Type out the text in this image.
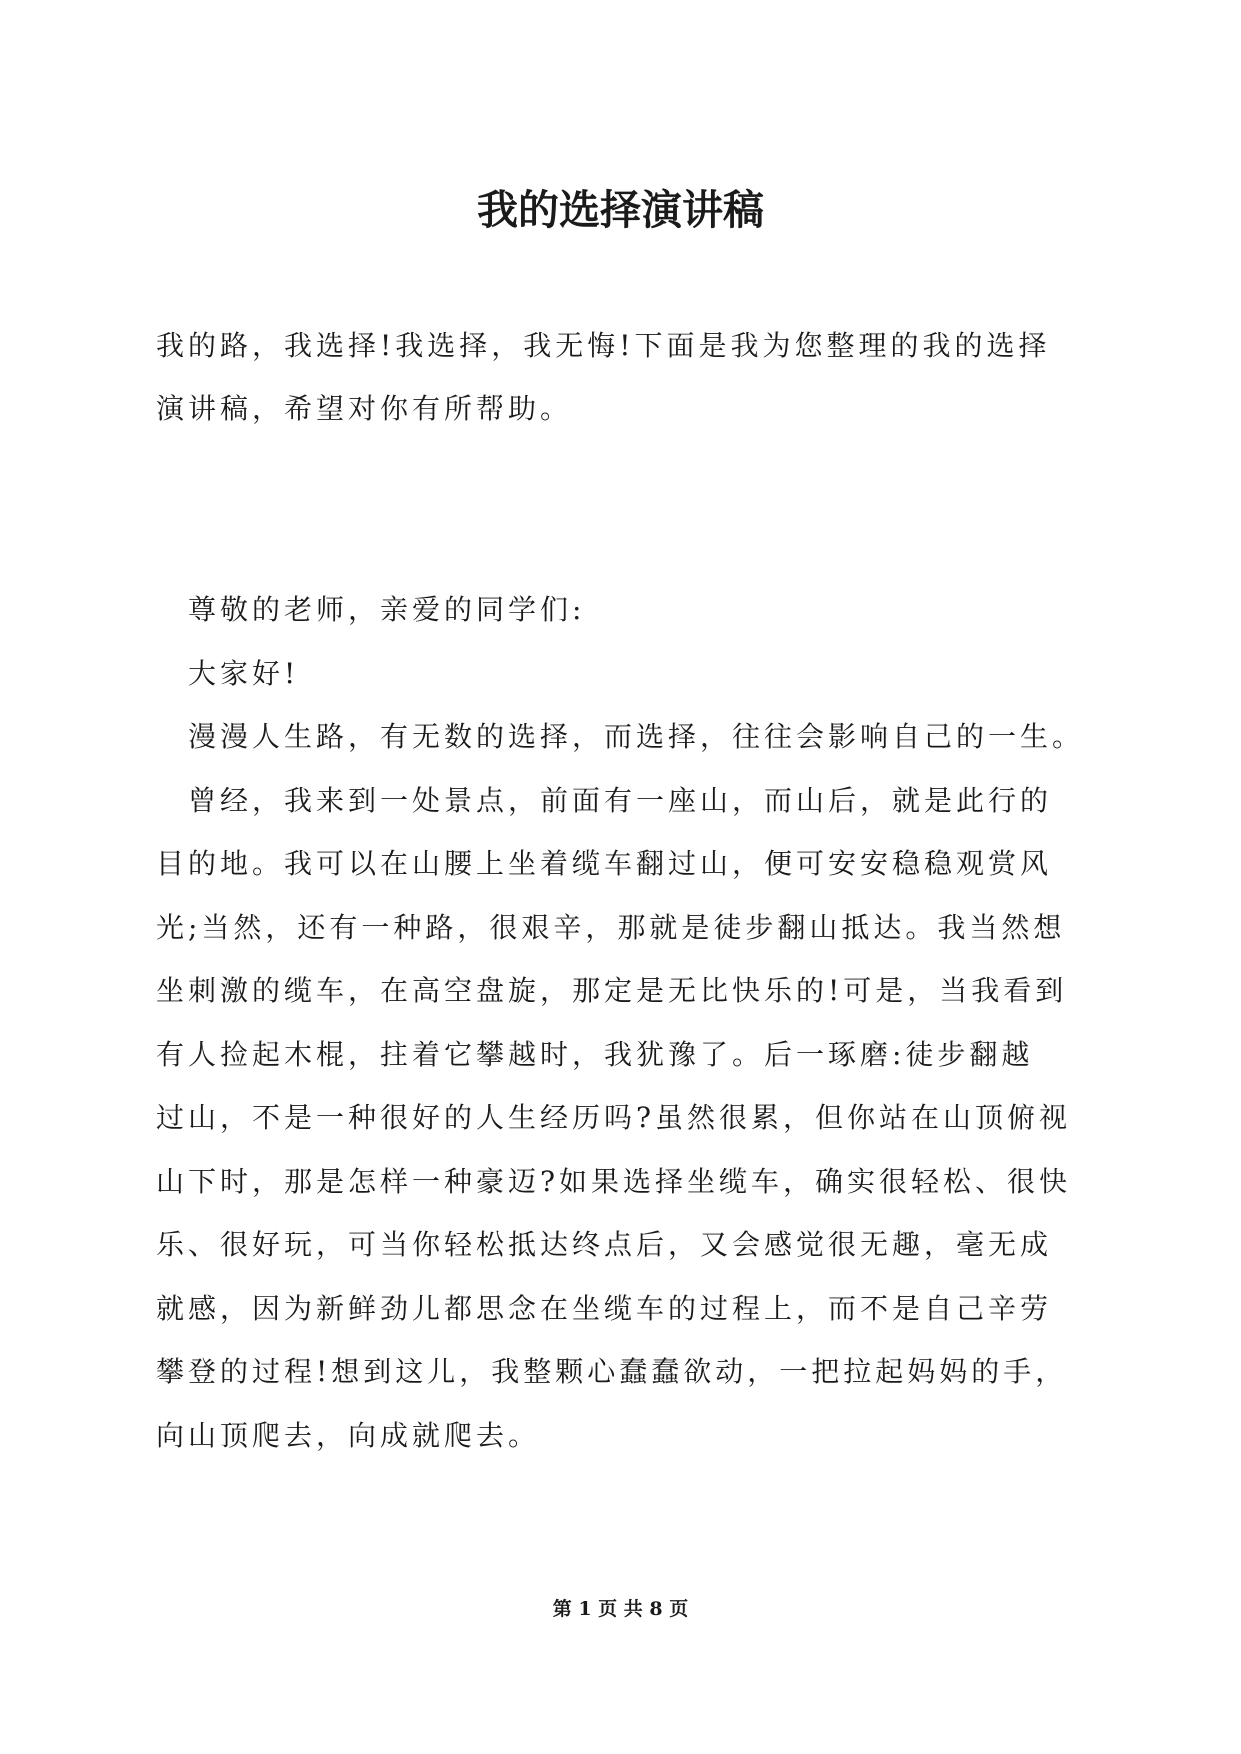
我的选择演讲稿

我的路，我选择!我选择，我无悔!下面是我为您整理的我的选择
演讲稿，希望对你有所帮助。

尊敬的老师，亲爱的同学们:
大家好!
漫漫人生路，有无数的选择，而选择，往往会影响自己的一生。
曾经，我来到一处景点，前面有一座山，而山后，就是此行的
目的地。我可以在山腰上坐着缆车翻过山，便可安安稳稳观赏风
光;当然，还有一种路，很艰辛，那就是徒步翻山抵达。我当然想
坐刺激的缆车，在高空盘旋，那定是无比快乐的!可是，当我看到
有人捡起木棍，拄着它攀越时，我犹豫了。后一琢磨:徒步翻越
过山，不是一种很好的人生经历吗?虽然很累，但你站在山顶俯视
山下时，那是怎样一种豪迈?如果选择坐缆车，确实很轻松、很快
乐、很好玩，可当你轻松抵达终点后，又会感觉很无趣，毫无成
就感，因为新鲜劲儿都思念在坐缆车的过程上，而不是自己辛劳
攀登的过程!想到这儿，我整颗心蠢蠢欲动，一把拉起妈妈的手，
向山顶爬去，向成就爬去。
第 1 页 共 8 页
